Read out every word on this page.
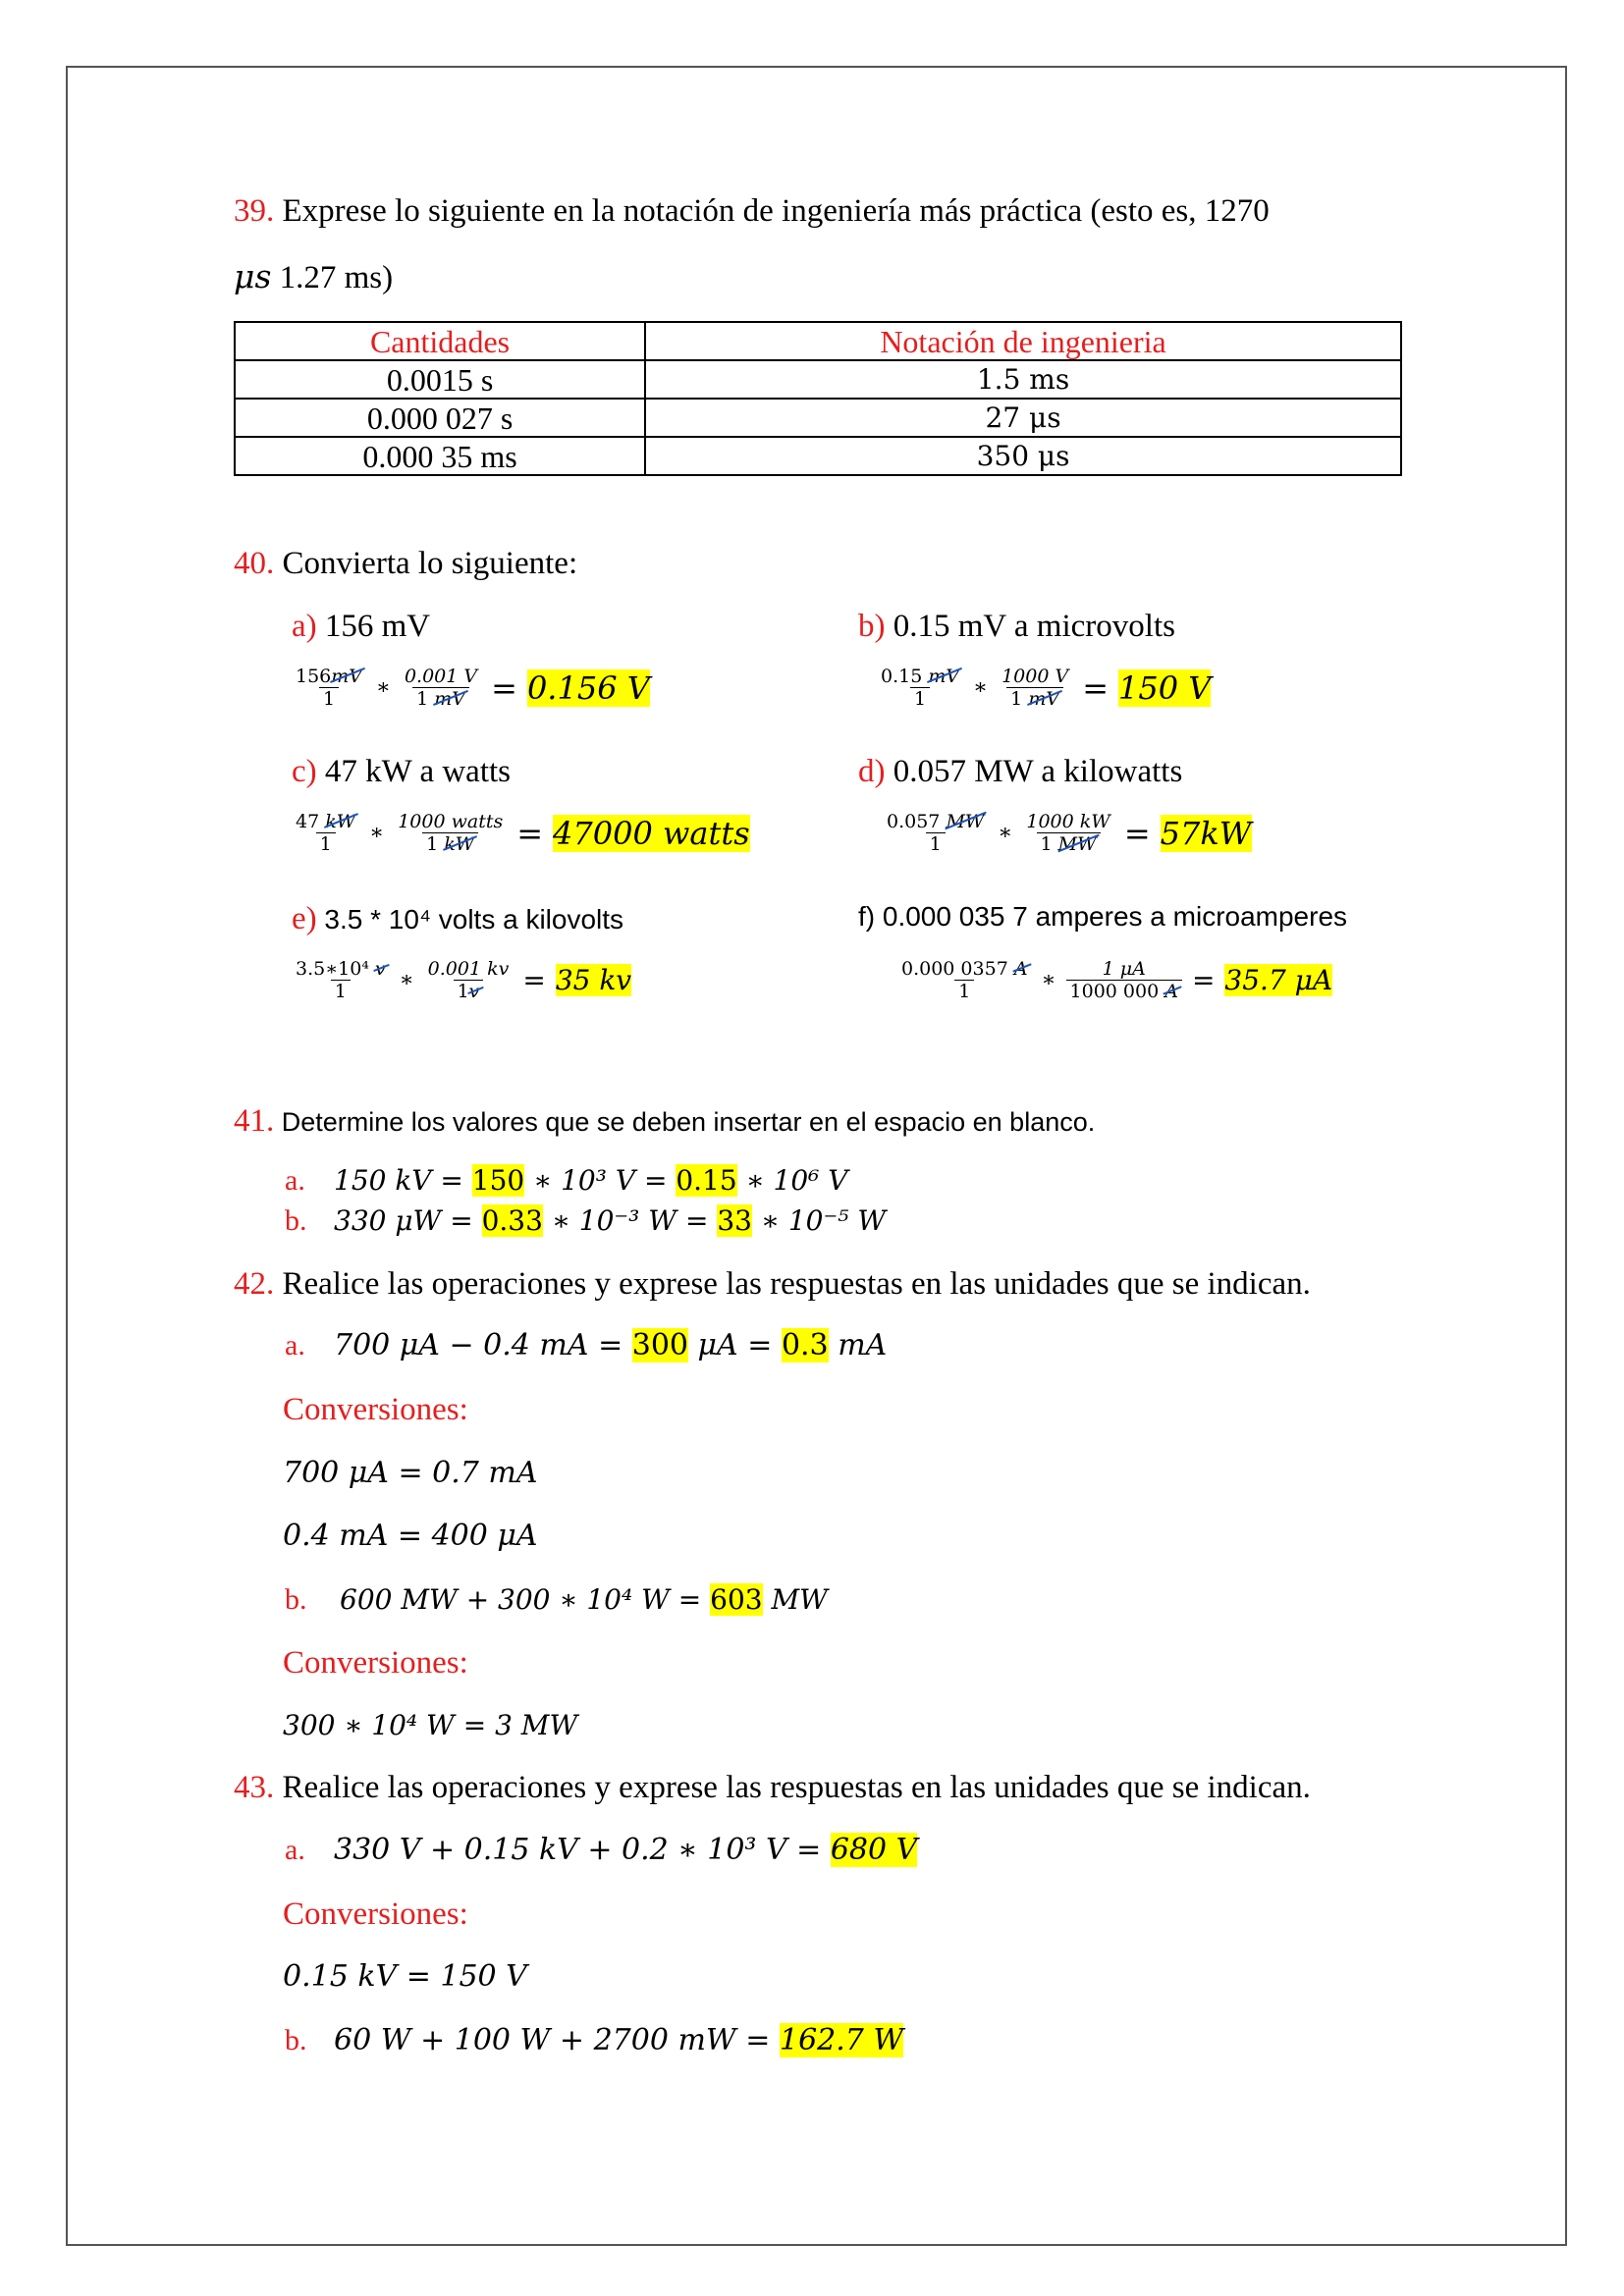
39. Exprese lo siguiente en la notación de ingeniería más práctica (esto es, 1270
μs 1.27 ms)
Cantidades	Notación de ingenieria
0.0015 s	1.5 ms
0.000 027 s	27 μs
0.000 35 ms	350 μs
40. Convierta lo siguiente:
a) 156 mV
$\frac{156mV}{1}$ ∗ $\frac{0.001 V}{1 mV} = 0.156$ V
b) 0.15 mV a microvolts
$\frac{0.15 mV}{1}$ ∗ $\frac{1000 V}{1 mV} = 150$ V
c) 47 kW a watts
$\frac{47 kW}{1}$ ∗ $\frac{\text{1000 watts}}{1 kW} = 47000$ watts
d) 0.057 MW a kilowatts
$\frac{0.057 MW}{1}$ ∗ $\frac{1000 kW}{1 MW} = 57kW$
e) 3.5 * 10⁴ volts a kilovolts
$\frac{\text{3.5∗10⁴ v}}{1}$ ∗ $\frac{0.001 kv}{1v} = 35$ kv
f) 0.000 035 7 amperes a microamperes
$\frac{0.000 0357 A}{1}$ ∗ $\frac{1 \mu A}{1000 000 A} = 35.7$ μA
41. Determine los valores que se deben insertar en el espacio en blanco.
a. 150 kV = 150 ∗ 10³ V = 0.15 ∗ 10⁶ V
b. 330 μW = 0.33 ∗ 10⁻³ W = 33 ∗ 10⁻⁵ W
42. Realice las operaciones y exprese las respuestas en las unidades que se indican.
a. 700 μA − 0.4 mA = 300 μA = 0.3 mA
Conversiones:
700 μA = 0.7 mA
0.4 mA = 400 μA
b. 600 MW + 300 ∗ 10⁴ W = 603 MW
Conversiones:
300 ∗ 10⁴ W = 3 MW
43. Realice las operaciones y exprese las respuestas en las unidades que se indican.
a. 330 V + 0.15 kV + 0.2 ∗ 10³ V = 680 V
Conversiones:
0.15 kV = 150 V
b. 60 W + 100 W + 2700 mW = 162.7 W
